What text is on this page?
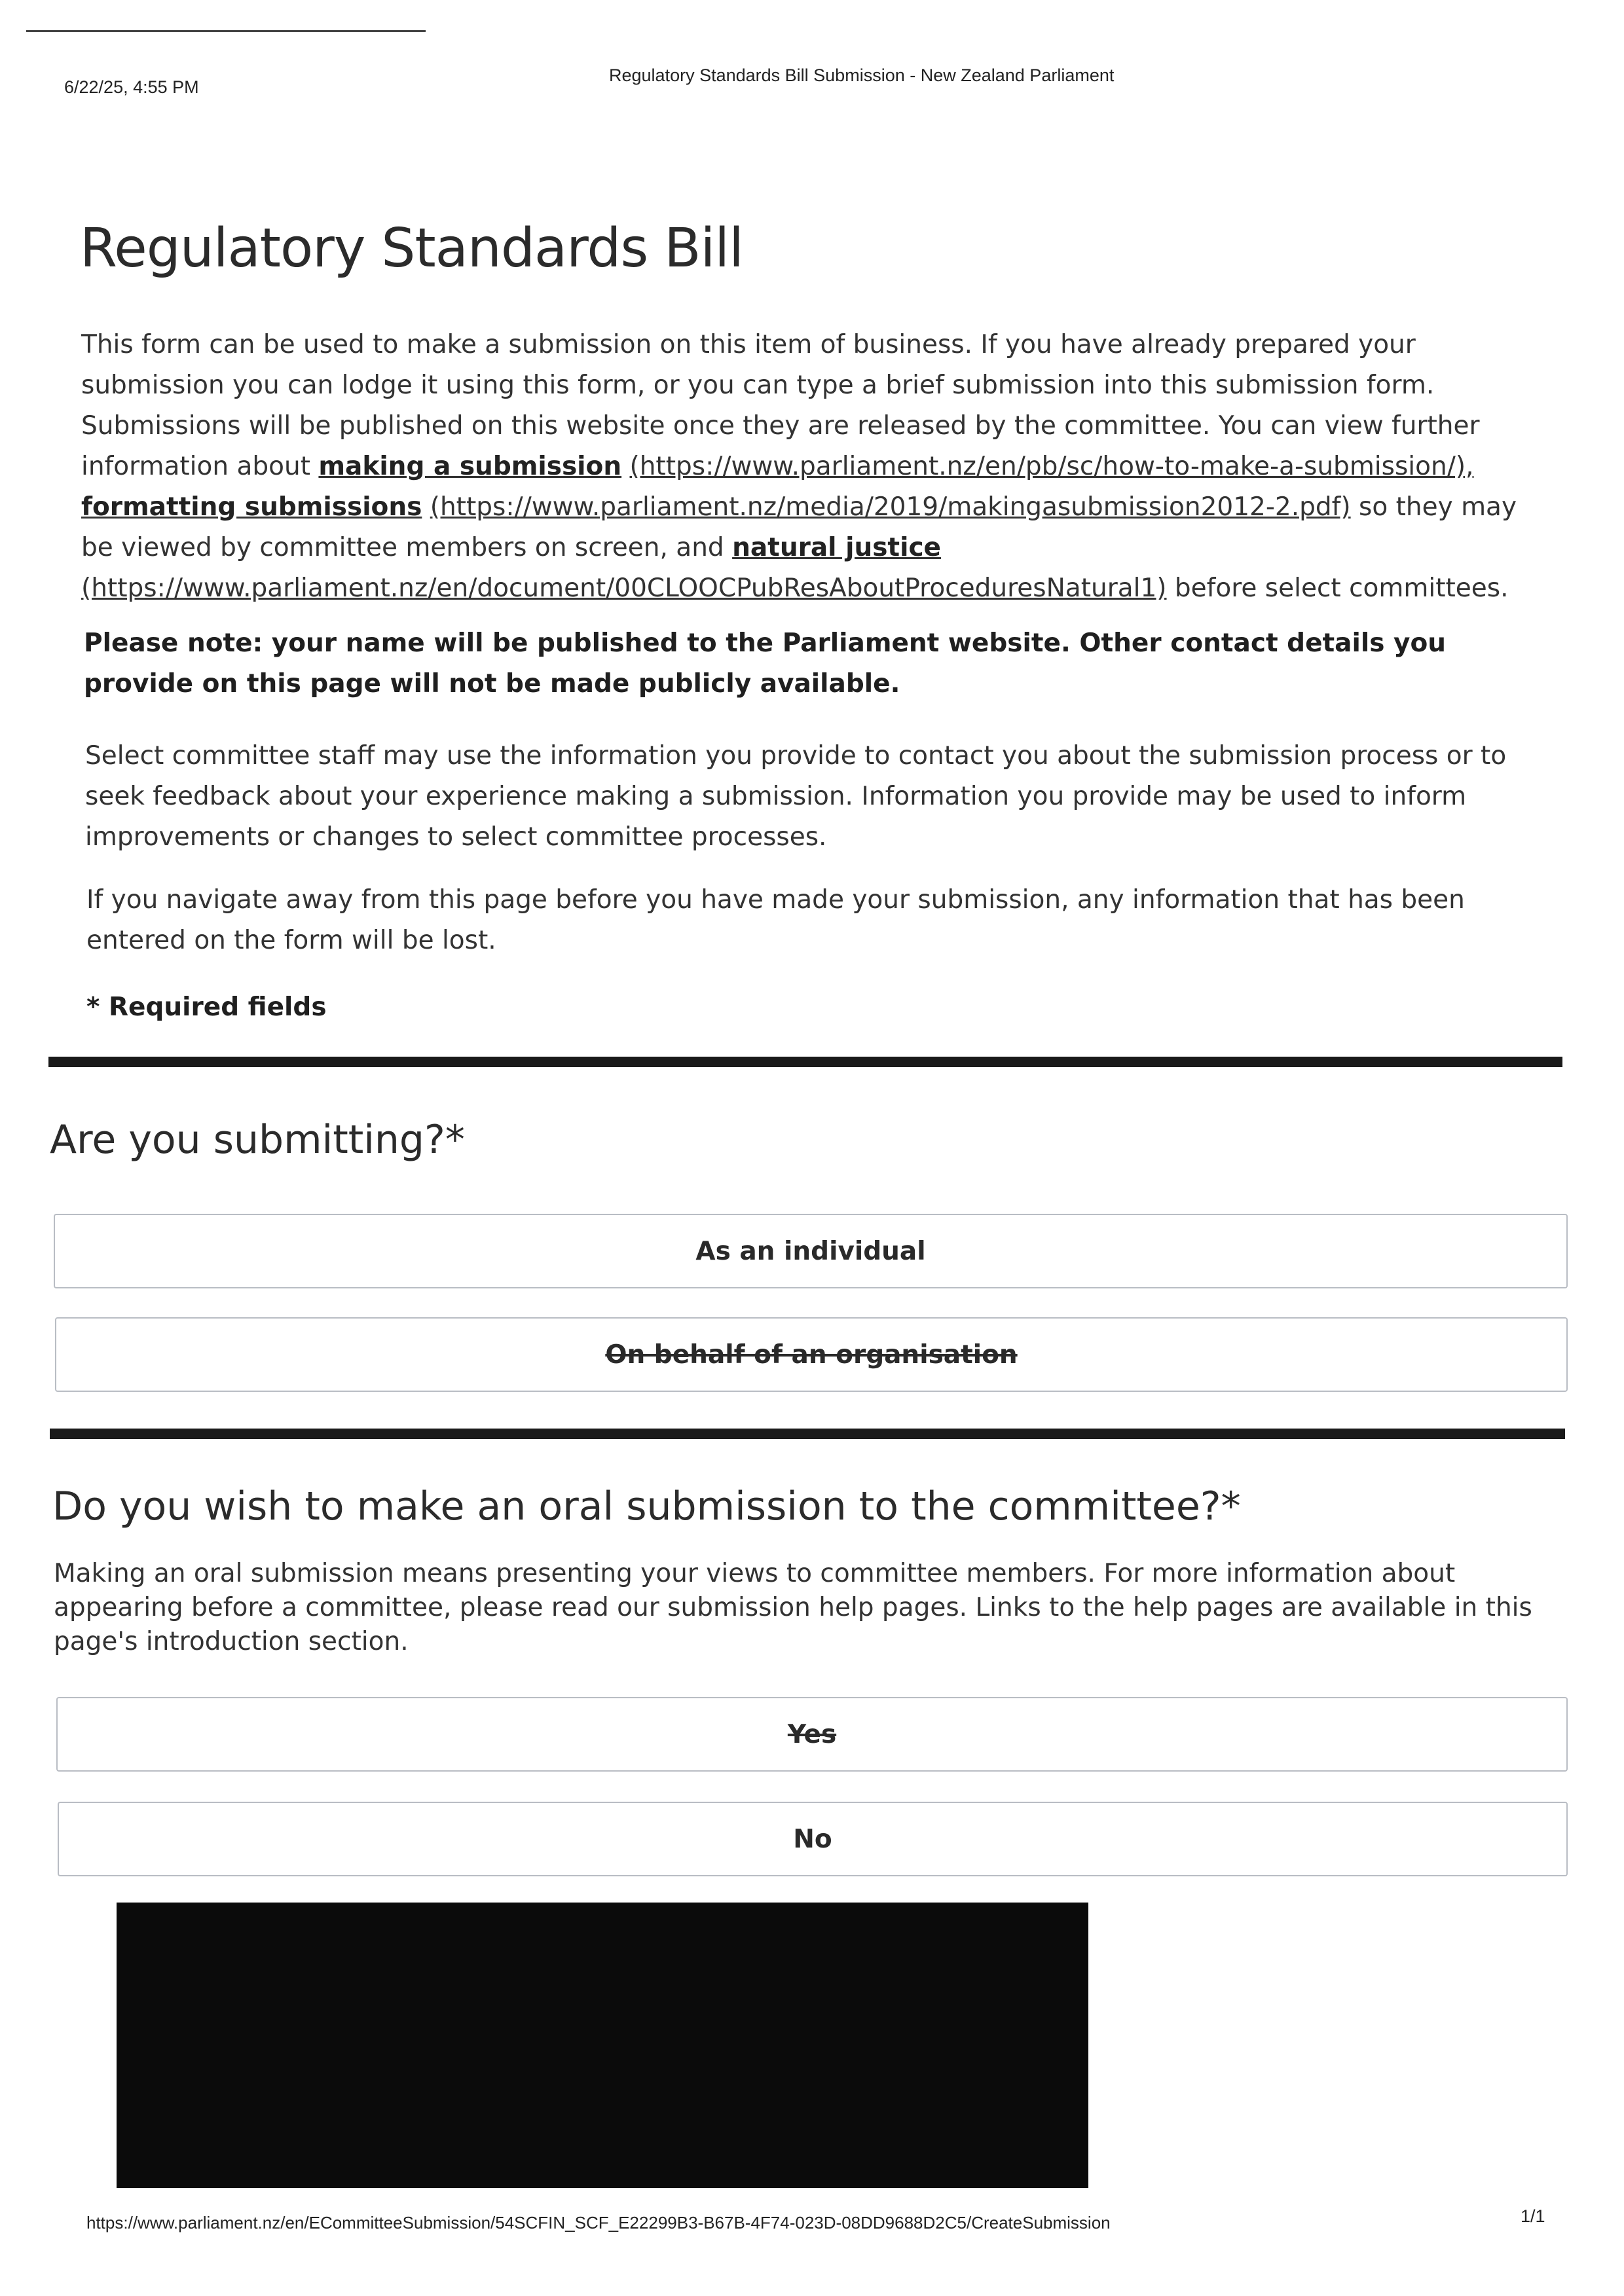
6/22/25, 4:55 PM
Regulatory Standards Bill Submission - New Zealand Parliament
Regulatory Standards Bill
This form can be used to make a submission on this item of business. If you have already prepared your submission you can lodge it using this form, or you can type a brief submission into this submission form. Submissions will be published on this website once they are released by the committee. You can view further information about making a submission (https://www.parliament.nz/en/pb/sc/how-to-make-a-submission/), formatting submissions (https://www.parliament.nz/media/2019/makingasubmission2012-2.pdf) so they may be viewed by committee members on screen, and natural justice (https://www.parliament.nz/en/document/00CLOOCPubResAboutProceduresNatural1) before select committees.
Please note: your name will be published to the Parliament website. Other contact details you provide on this page will not be made publicly available.
Select committee staff may use the information you provide to contact you about the submission process or to seek feedback about your experience making a submission. Information you provide may be used to inform improvements or changes to select committee processes.
If you navigate away from this page before you have made your submission, any information that has been entered on the form will be lost.
* Required fields
Are you submitting?*
As an individual
On behalf of an organisation
Do you wish to make an oral submission to the committee?*
Making an oral submission means presenting your views to committee members. For more information about appearing before a committee, please read our submission help pages. Links to the help pages are available in this page's introduction section.
Yes
No
https://www.parliament.nz/en/ECommitteeSubmission/54SCFIN_SCF_E22299B3-B67B-4F74-023D-08DD9688D2C5/CreateSubmission	1/1
